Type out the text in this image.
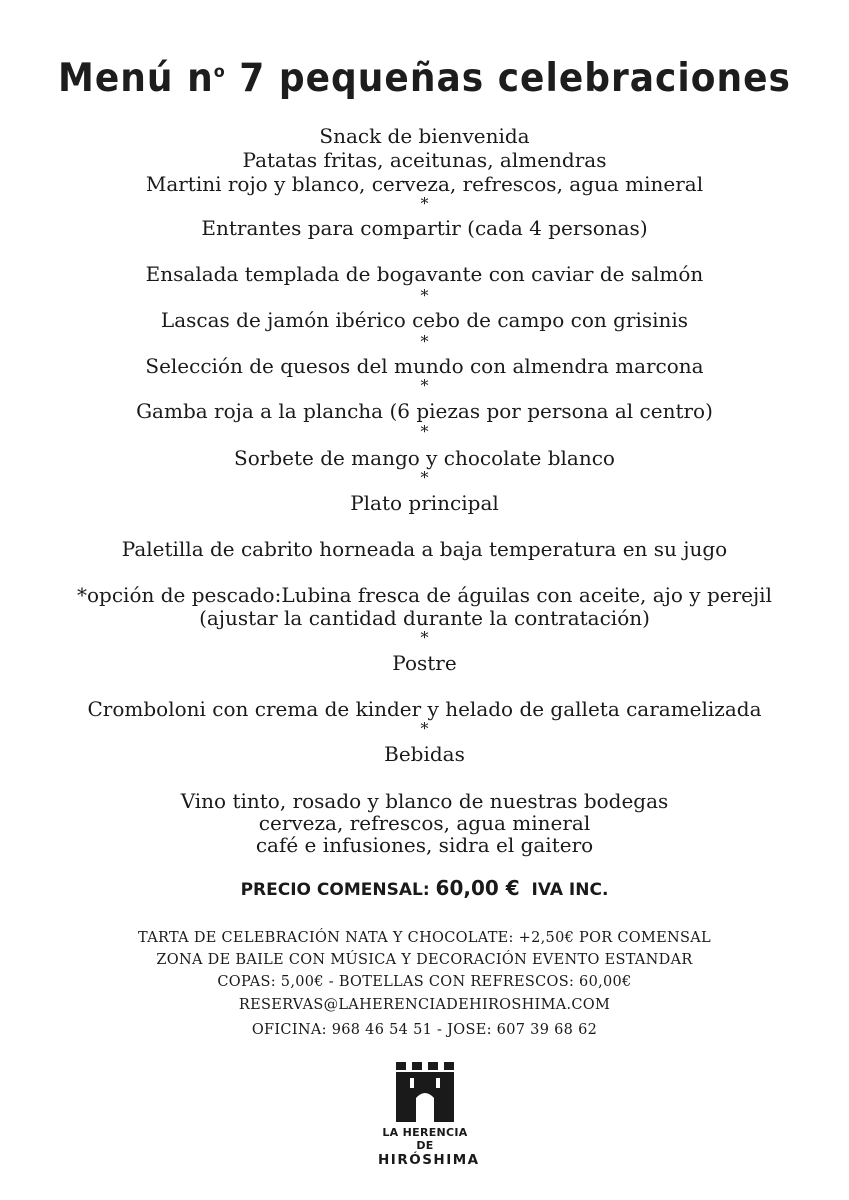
Menú $n^o$ 7 pequeñas celebraciones
Snack de bienvenida
Patatas fritas, aceitunas, almendras
Martini rojo y blanco, cerveza, refrescos, agua mineral
*
Entrantes para compartir (cada 4 personas)
Ensalada templada de bogavante con caviar de salmón
*
Lascas de jamón ibérico cebo de campo con grisinis
*
Selección de quesos del mundo con almendra marcona
*
Gamba roja a la plancha (6 piezas por persona al centro)
*
Sorbete de mango y chocolate blanco
*
Plato principal
Paletilla de cabrito horneada a baja temperatura en su jugo
*opción de pescado:Lubina fresca de águilas con aceite, ajo y perejil
(ajustar la cantidad durante la contratación)
*
Postre
Cromboloni con crema de kinder y helado de galleta caramelizada
*
Bebidas
Vino tinto, rosado y blanco de nuestras bodegas
cerveza, refrescos, agua mineral
café e infusiones, sidra el gaitero
PRECIO COMENSAL: 60,00 €  IVA INC.
TARTA DE CELEBRACIÓN NATA Y CHOCOLATE: +2,50€ POR COMENSAL
ZONA DE BAILE CON MÚSICA Y DECORACIÓN EVENTO ESTANDAR
COPAS: 5,00€ - BOTELLAS CON REFRESCOS: 60,00€
RESERVAS@LAHERENCIADEHIROSHIMA.COM
OFICINA: 968 46 54 51 - JOSE: 607 39 68 62
LA HERENCIA DE
HIRÓSHIMA
